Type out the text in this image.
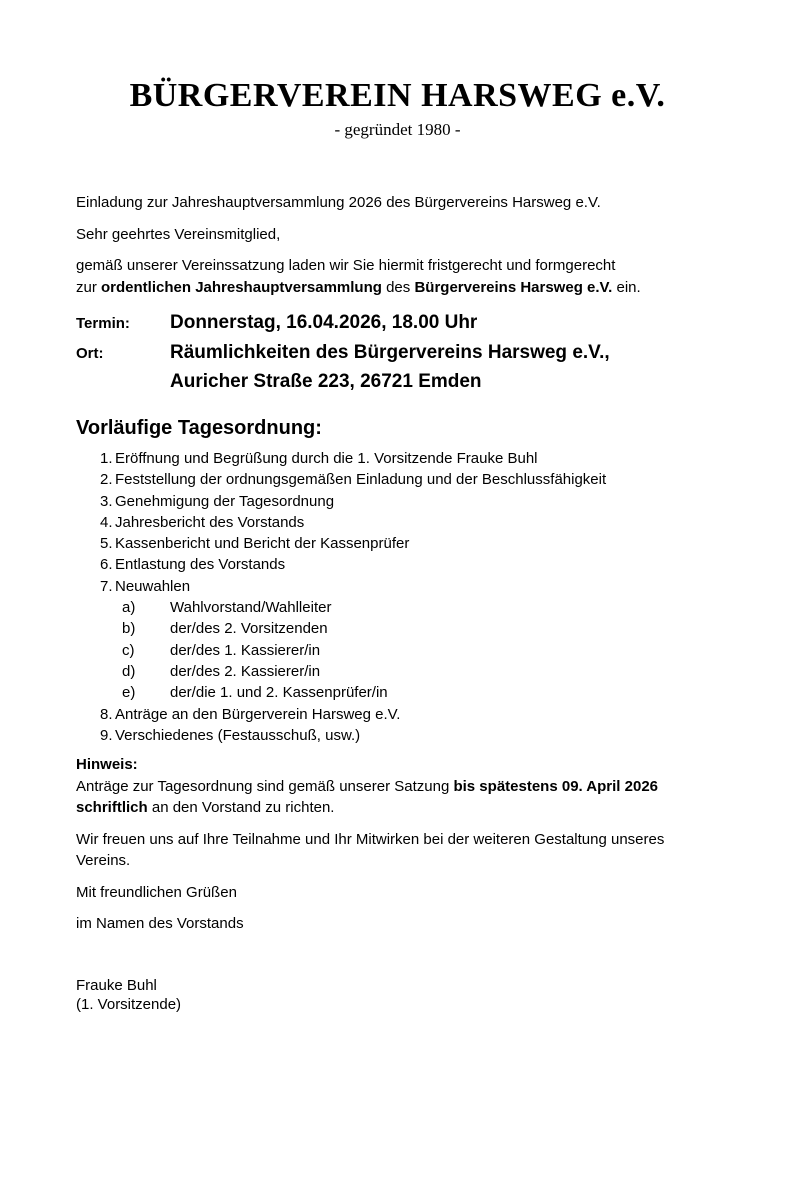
BÜRGERVEREIN HARSWEG e.V.
- gegründet 1980 -

Einladung zur Jahreshauptversammlung 2026 des Bürgervereins Harsweg e.V.

Sehr geehrtes Vereinsmitglied,

gemäß unserer Vereinssatzung laden wir Sie hiermit fristgerecht und formgerecht
zur ordentlichen Jahreshauptversammlung des Bürgervereins Harsweg e.V. ein.

Termin:	Donnerstag, 16.04.2026, 18.00 Uhr
Ort:	Räumlichkeiten des Bürgervereins Harsweg e.V.,
Auricher Straße 223, 26721 Emden
Vorläufige Tagesordnung:
1. Eröffnung und Begrüßung durch die 1. Vorsitzende Frauke Buhl
2. Feststellung der ordnungsgemäßen Einladung und der Beschlussfähigkeit
3. Genehmigung der Tagesordnung
4. Jahresbericht des Vorstands
5. Kassenbericht und Bericht der Kassenprüfer
6. Entlastung des Vorstands
7. Neuwahlen
a)	Wahlvorstand/Wahlleiter
b)	der/des 2. Vorsitzenden
c)	der/des 1. Kassierer/in
d)	der/des 2. Kassierer/in
e)	der/die 1. und 2. Kassenprüfer/in
8. Anträge an den Bürgerverein Harsweg e.V.
9. Verschiedenes (Festausschuß, usw.)
Hinweis:

Anträge zur Tagesordnung sind gemäß unserer Satzung bis spätestens 09. April 2026
schriftlich an den Vorstand zu richten.

Wir freuen uns auf Ihre Teilnahme und Ihr Mitwirken bei der weiteren Gestaltung unseres
Vereins.

Mit freundlichen Grüßen

im Namen des Vorstands

Frauke Buhl
(1. Vorsitzende)
